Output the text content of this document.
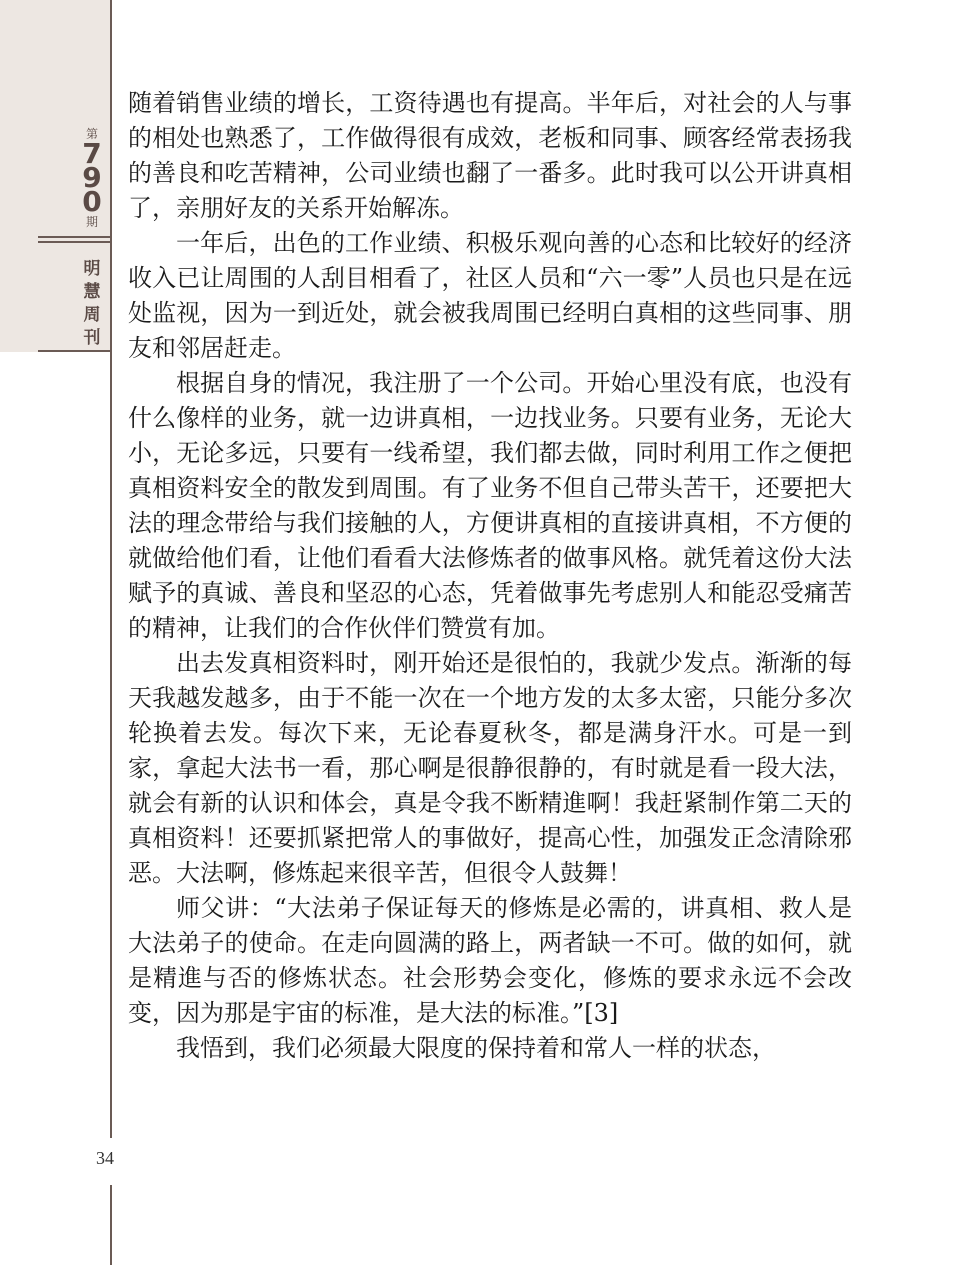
第
7
9
0
期
明
慧
周
刊
34

随着销售业绩的增长，工资待遇也有提高。半年后，对社会的人与事的相处也熟悉了，工作做得很有成效，老板和同事、顾客经常表扬我的善良和吃苦精神，公司业绩也翻了一番多。此时我可以公开讲真相了，亲朋好友的关系开始解冻。

一年后，出色的工作业绩、积极乐观向善的心态和比较好的经济收入已让周围的人刮目相看了，社区人员和“六一零”人员也只是在远处监视，因为一到近处，就会被我周围已经明白真相的这些同事、朋友和邻居赶走。

根据自身的情况，我注册了一个公司。开始心里没有底，也没有什么像样的业务，就一边讲真相，一边找业务。只要有业务，无论大小，无论多远，只要有一线希望，我们都去做，同时利用工作之便把真相资料安全的散发到周围。有了业务不但自己带头苦干，还要把大法的理念带给与我们接触的人，方便讲真相的直接讲真相，不方便的就做给他们看，让他们看看大法修炼者的做事风格。就凭着这份大法赋予的真诚、善良和坚忍的心态，凭着做事先考虑别人和能忍受痛苦的精神，让我们的合作伙伴们赞赏有加。

出去发真相资料时，刚开始还是很怕的，我就少发点。渐渐的每天我越发越多，由于不能一次在一个地方发的太多太密，只能分多次轮换着去发。每次下来，无论春夏秋冬，都是满身汗水。可是一到家，拿起大法书一看，那心啊是很静很静的，有时就是看一段大法，就会有新的认识和体会，真是令我不断精進啊！我赶紧制作第二天的真相资料！还要抓紧把常人的事做好，提高心性，加强发正念清除邪恶。大法啊，修炼起来很辛苦，但很令人鼓舞！

师父讲：“大法弟子保证每天的修炼是必需的，讲真相、救人是大法弟子的使命。在走向圆满的路上，两者缺一不可。做的如何，就是精進与否的修炼状态。社会形势会变化，修炼的要求永远不会改变，因为那是宇宙的标准，是大法的标准。”[3]

我悟到，我们必须最大限度的保持着和常人一样的状态，
